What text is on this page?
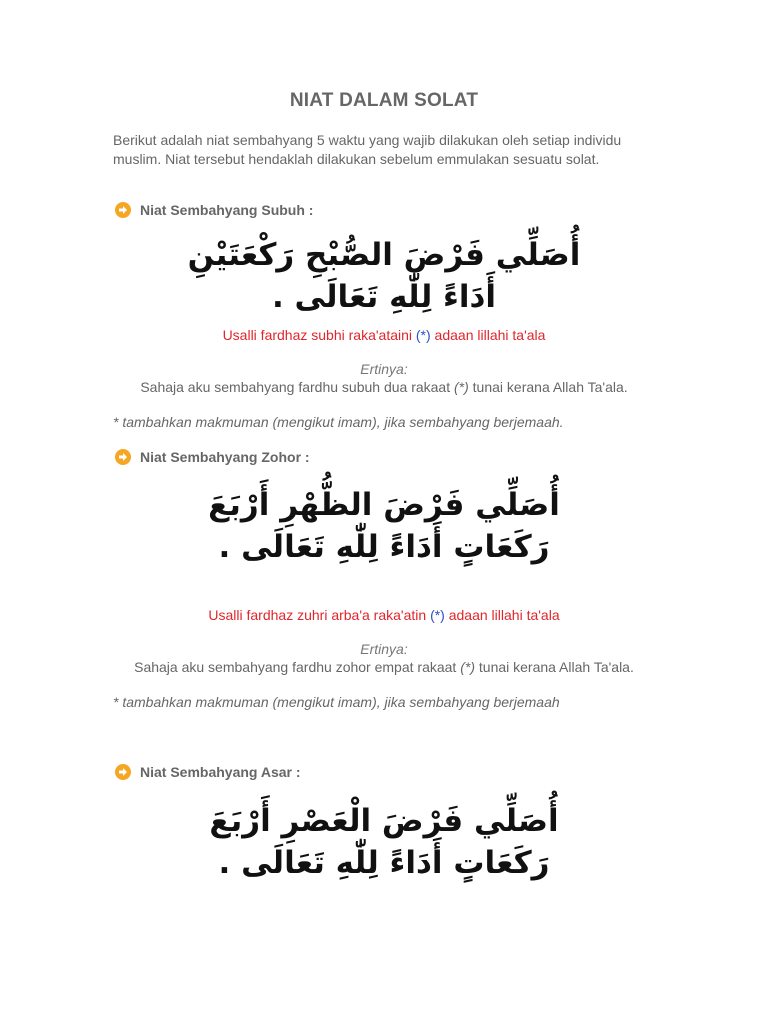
NIAT DALAM SOLAT
Berikut adalah niat sembahyang 5 waktu yang wajib dilakukan oleh setiap individu muslim. Niat tersebut hendaklah dilakukan sebelum emmulakan sesuatu solat.
Niat Sembahyang Subuh :
أُصَلِّي فَرْضَ الصُّبْحِ رَكْعَتَيْنِ
أَدَاءً لِلّٰهِ تَعَالَى .
Usalli fardhaz subhi raka'ataini (*) adaan lillahi ta'ala
Ertinya:
Sahaja aku sembahyang fardhu subuh dua rakaat (*) tunai kerana Allah Ta'ala.
* tambahkan makmuman (mengikut imam), jika sembahyang berjemaah.
Niat Sembahyang Zohor :
أُصَلِّي فَرْضَ الظُّهْرِ أَرْبَعَ
رَكَعَاتٍ أَدَاءً لِلّٰهِ تَعَالَى .
Usalli fardhaz zuhri arba'a raka'atin (*) adaan lillahi ta'ala
Ertinya:
Sahaja aku sembahyang fardhu zohor empat rakaat (*) tunai kerana Allah Ta'ala.
* tambahkan makmuman (mengikut imam), jika sembahyang berjemaah
Niat Sembahyang Asar :
أُصَلِّي فَرْضَ الْعَصْرِ أَرْبَعَ
رَكَعَاتٍ أَدَاءً لِلّٰهِ تَعَالَى .
